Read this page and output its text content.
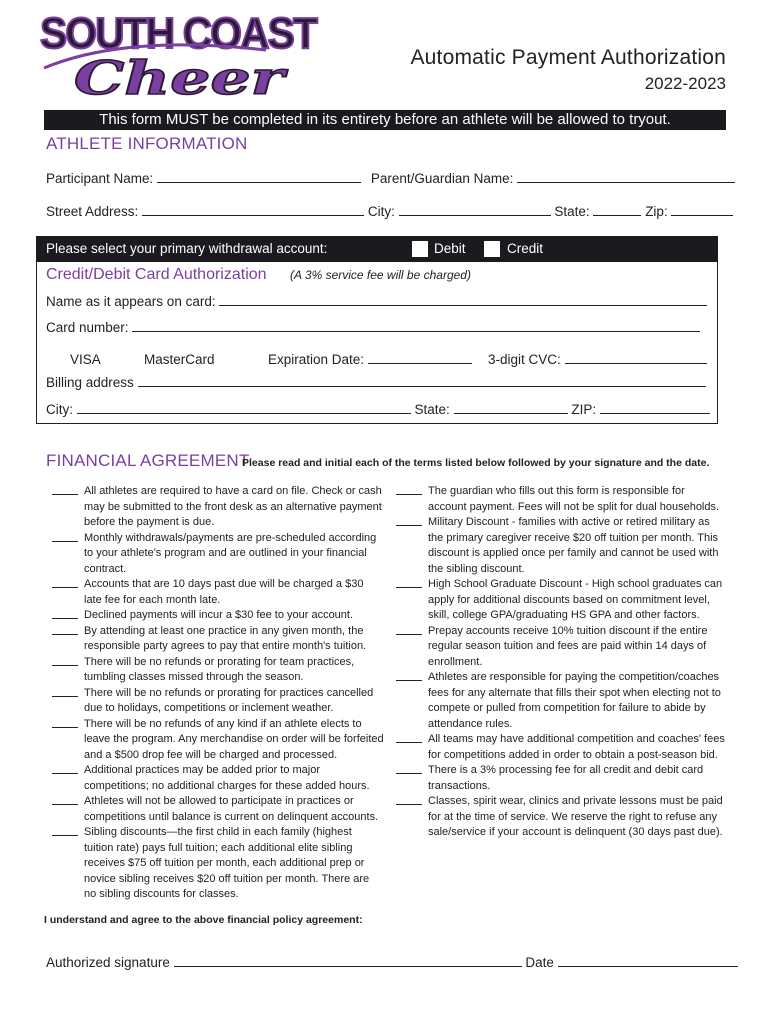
SOUTH COAST
Cheer	Automatic Payment Authorization
2022-2023
This form MUST be completed in its entirety before an athlete will be allowed to tryout.
ATHLETE INFORMATION
Participant Name:	Parent/Guardian Name:
Street Address:	City:	State:	Zip:
Please select your primary withdrawal account:	Debit	Credit
Credit/Debit Card Authorization (A 3% service fee will be charged)
Name as it appears on card:
Card number:
VISA	MasterCard	Expiration Date:	3-digit CVC:
Billing address
City:	State:	ZIP:
FINANCIAL AGREEMENT
Please read and initial each of the terms listed below followed by your signature and the date.
All athletes are required to have a card on file. Check or cash may be submitted to the front desk as an alternative payment before the payment is due.
Monthly withdrawals/payments are pre-scheduled according to your athlete's program and are outlined in your financial contract.
Accounts that are 10 days past due will be charged a $30 late fee for each month late.
Declined payments will incur a $30 fee to your account.
By attending at least one practice in any given month, the responsible party agrees to pay that entire month's tuition.
There will be no refunds or prorating for team practices, tumbling classes missed through the season.
There will be no refunds or prorating for practices cancelled due to holidays, competitions or inclement weather.
There will be no refunds of any kind if an athlete elects to leave the program. Any merchandise on order will be forfeited and a $500 drop fee will be charged and processed.
Additional practices may be added prior to major competitions; no additional charges for these added hours.
Athletes will not be allowed to participate in practices or competitions until balance is current on delinquent accounts.
Sibling discounts—the first child in each family (highest tuition rate) pays full tuition; each additional elite sibling receives $75 off tuition per month, each additional prep or novice sibling receives $20 off tuition per month. There are no sibling discounts for classes.
The guardian who fills out this form is responsible for account payment. Fees will not be split for dual households.
Military Discount - families with active or retired military as the primary caregiver receive $20 off tuition per month. This discount is applied once per family and cannot be used with the sibling discount.
High School Graduate Discount - High school graduates can apply for additional discounts based on commitment level, skill, college GPA/graduating HS GPA and other factors.
Prepay accounts receive 10% tuition discount if the entire regular season tuition and fees are paid within 14 days of enrollment.
Athletes are responsible for paying the competition/coaches fees for any alternate that fills their spot when electing not to compete or pulled from competition for failure to abide by attendance rules.
All teams may have additional competition and coaches' fees for competitions added in order to obtain a post-season bid.
There is a 3% processing fee for all credit and debit card transactions.
Classes, spirit wear, clinics and private lessons must be paid for at the time of service. We reserve the right to refuse any sale/service if your account is delinquent (30 days past due).
I understand and agree to the above financial policy agreement:
Authorized signature	Date
